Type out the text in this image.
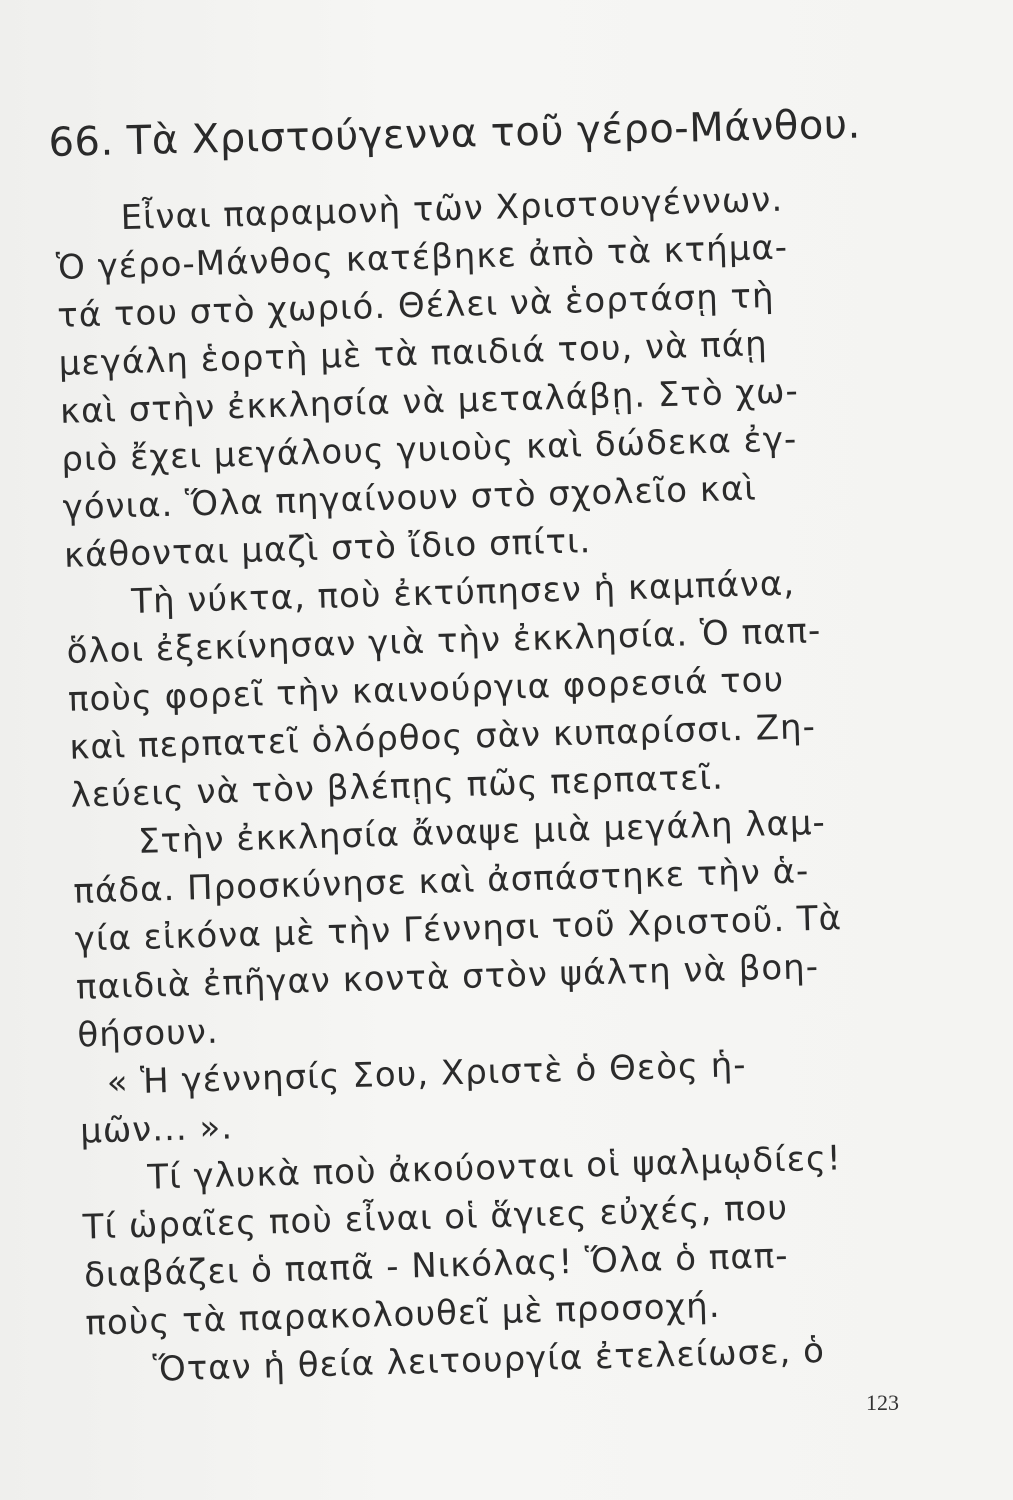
66. Τὰ Χριστούγεννα τοῦ γέρο-Μάνθου.
Εἶναι παραμονὴ τῶν Χριστουγέννων.
Ὁ γέρο-Μάνθος κατέβηκε ἀπὸ τὰ κτήμα-
τά του στὸ χωριό. Θέλει νὰ ἑορτάσῃ τὴ
μεγάλη ἑορτὴ μὲ τὰ παιδιά του, νὰ πάῃ
καὶ στὴν ἐκκλησία νὰ μεταλάβῃ. Στὸ χω-
ριὸ ἔχει μεγάλους γυιοὺς καὶ δώδεκα ἐγ-
γόνια. Ὅλα πηγαίνουν στὸ σχολεῖο καὶ
κάθονται μαζὶ στὸ ἴδιο σπίτι.
Τὴ νύκτα, ποὺ ἐκτύπησεν ἡ καμπάνα,
ὅλοι ἐξεκίνησαν γιὰ τὴν ἐκκλησία. Ὁ παπ-
ποὺς φορεῖ τὴν καινούργια φορεσιά του
καὶ περπατεῖ ὁλόρθος σὰν κυπαρίσσι. Ζη-
λεύεις νὰ τὸν βλέπῃς πῶς περπατεῖ.
Στὴν ἐκκλησία ἄναψε μιὰ μεγάλη λαμ-
πάδα. Προσκύνησε καὶ ἀσπάστηκε τὴν ἁ-
γία εἰκόνα μὲ τὴν Γέννησι τοῦ Χριστοῦ. Τὰ
παιδιὰ ἐπῆγαν κοντὰ στὸν ψάλτη νὰ βοη-
θήσουν.
« Ἡ γέννησίς Σου, Χριστὲ ὁ Θεὸς ἡ-
μῶν... ».
Τί γλυκὰ ποὺ ἀκούονται οἱ ψαλμῳδίες!
Τί ὡραῖες ποὺ εἶναι οἱ ἅγιες εὐχές, που
διαβάζει ὁ παπᾶ - Νικόλας! Ὅλα ὁ παπ-
ποὺς τὰ παρακολουθεῖ μὲ προσοχή.
Ὅταν ἡ θεία λειτουργία ἐτελείωσε, ὁ
123
